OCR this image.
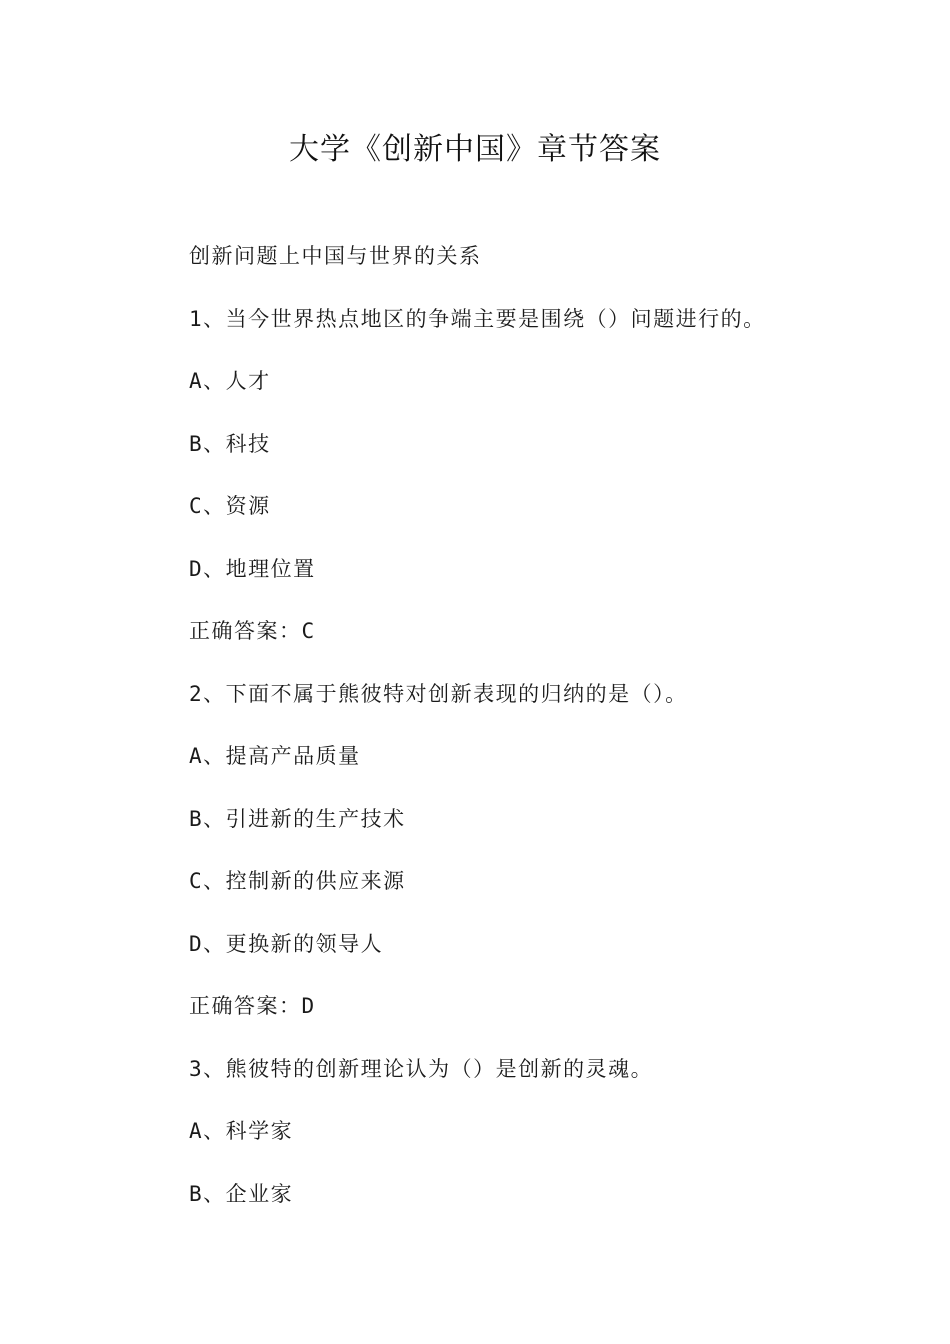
大学《创新中国》章节答案
创新问题上中国与世界的关系
1、当今世界热点地区的争端主要是围绕（）问题进行的。
A、人才
B、科技
C、资源
D、地理位置
正确答案：C
2、下面不属于熊彼特对创新表现的归纳的是（）。
A、提高产品质量
B、引进新的生产技术
C、控制新的供应来源
D、更换新的领导人
正确答案：D
3、熊彼特的创新理论认为（）是创新的灵魂。
A、科学家
B、企业家
